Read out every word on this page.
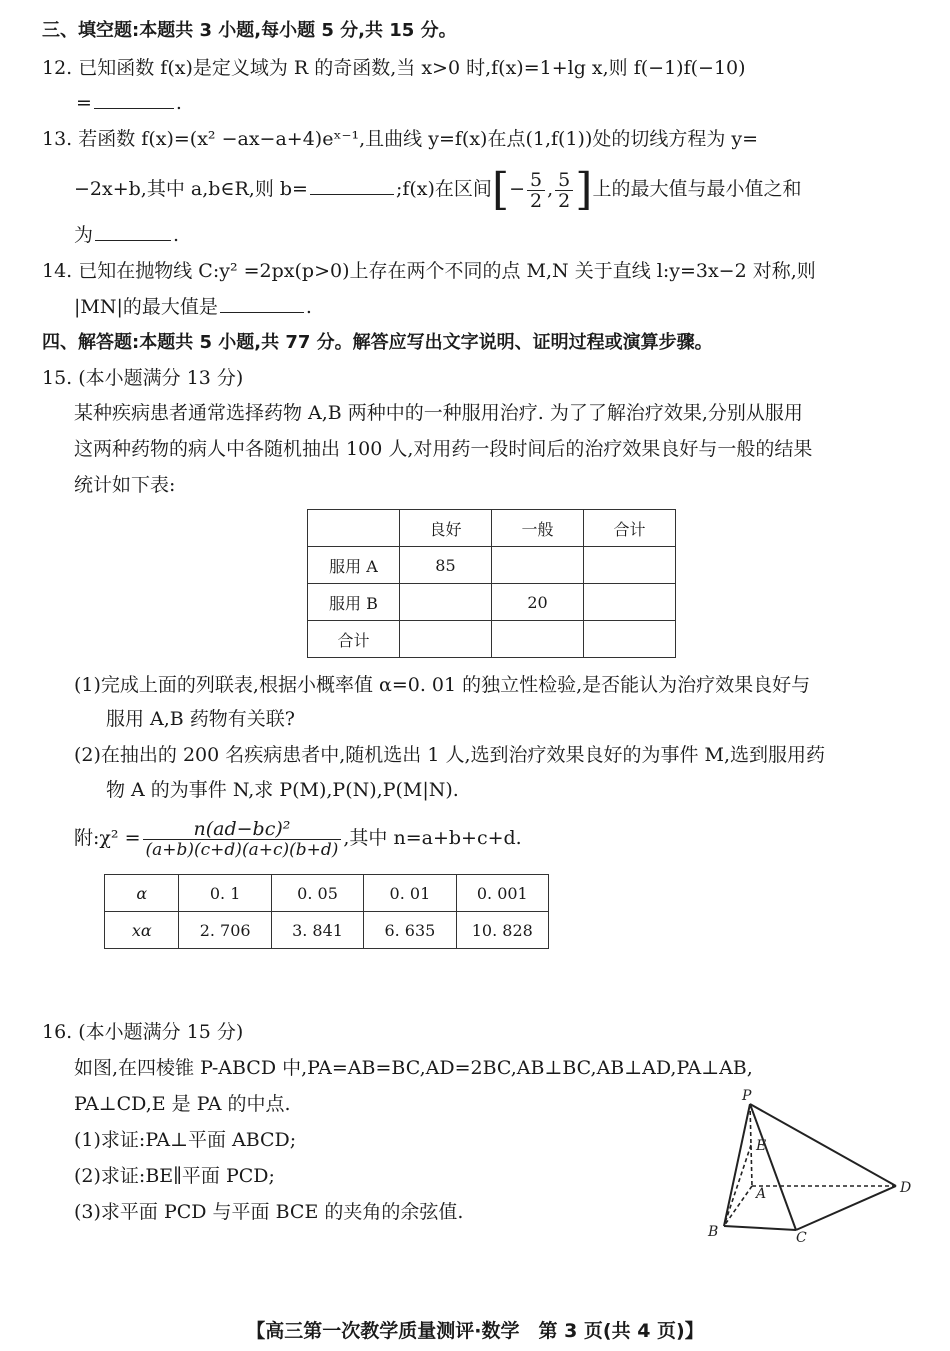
三、填空题:本题共 3 小题,每小题 5 分,共 15 分。
12. 已知函数 f(x)是定义域为 R 的奇函数,当 x>0 时,f(x)=1+lg x,则 f(−1)f(−10)
=	.
13. 若函数 f(x)=(x² −ax−a+4)eˣ⁻¹,且曲线 y=f(x)在点(1,f(1))处的切线方程为 y=
−2x+b,其中 a,b∈R,则 b=	;f(x)在区间[− $\frac{5}{2}$ , $\frac{5}{2}$ ]上的最大值与最小值之和
为	.
14. 已知在抛物线 C:y² =2px(p>0)上存在两个不同的点 M,N 关于直线 l:y=3x−2 对称,则
|MN|的最大值是	.
四、解答题:本题共 5 小题,共 77 分。解答应写出文字说明、证明过程或演算步骤。
15. (本小题满分 13 分)
某种疾病患者通常选择药物 A,B 两种中的一种服用治疗. 为了了解治疗效果,分别从服用
这两种药物的病人中各随机抽出 100 人,对用药一段时间后的治疗效果良好与一般的结果
统计如下表:
	良好	一般	合计
服用 A	85		
服用 B		20	
合计			
(1)完成上面的列联表,根据小概率值 α=0. 01 的独立性检验,是否能认为治疗效果良好与
服用 A,B 药物有关联?
(2)在抽出的 200 名疾病患者中,随机选出 1 人,选到治疗效果良好的为事件 M,选到服用药
物 A 的为事件 N,求 P(M),P(N),P(M|N).
附:χ² = $\frac{\text{n(ad−bc)²}}{(a+b)(c+d)(a+c)(b+d)}$ ,其中 n=a+b+c+d.
α	0. 1	0. 05	0. 01	0. 001
xα	2. 706	3. 841	6. 635	10. 828
16. (本小题满分 15 分)
如图,在四棱锥 P-ABCD 中,PA=AB=BC,AD=2BC,AB⊥BC,AB⊥AD,PA⊥AB,
PA⊥CD,E 是 PA 的中点.
(1)求证:PA⊥平面 ABCD;
(2)求证:BE∥平面 PCD;
(3)求平面 PCD 与平面 BCE 的夹角的余弦值.
P
E
A
B	C
D
【高三第一次教学质量测评·数学　第 3 页(共 4 页)】
